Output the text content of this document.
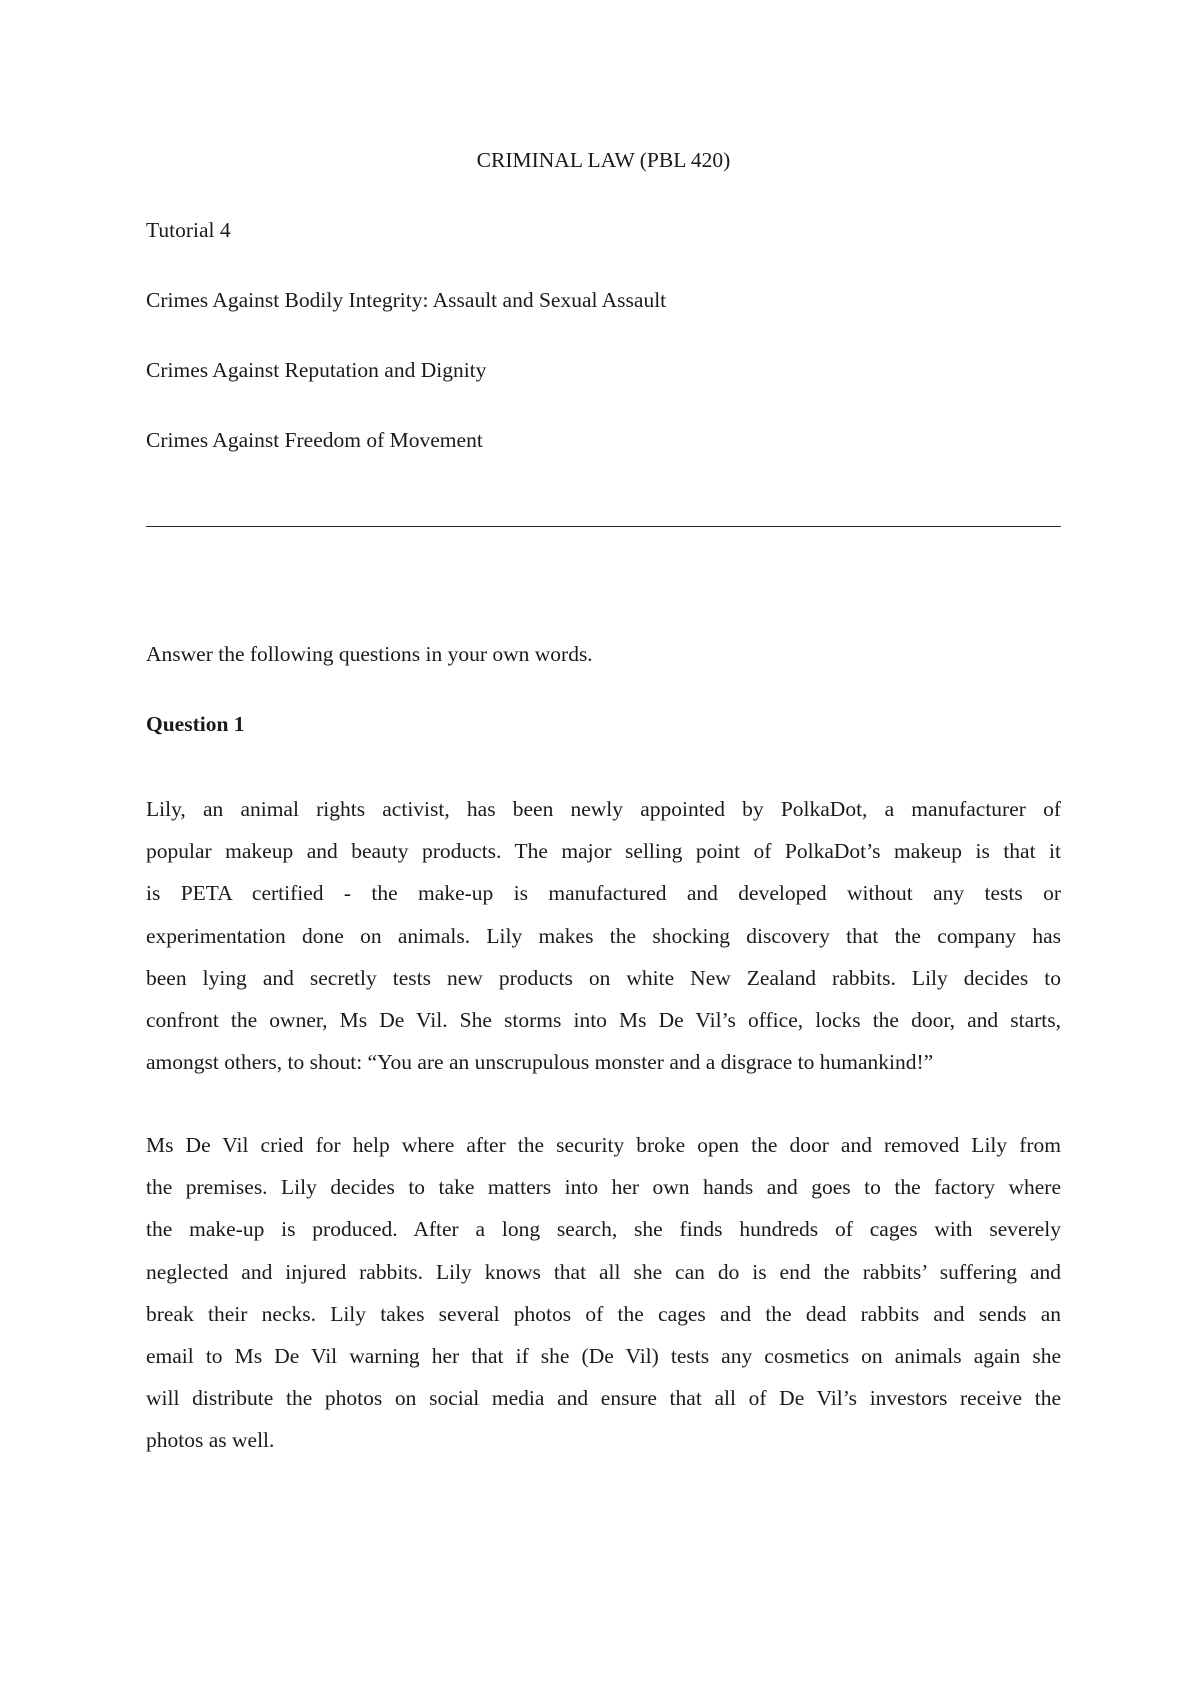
CRIMINAL LAW (PBL 420)
Tutorial 4
Crimes Against Bodily Integrity: Assault and Sexual Assault
Crimes Against Reputation and Dignity
Crimes Against Freedom of Movement
Answer the following questions in your own words.
Question 1
Lily, an animal rights activist, has been newly appointed by PolkaDot, a manufacturer of
popular makeup and beauty products. The major selling point of PolkaDot’s makeup is that it
is PETA certified - the make-up is manufactured and developed without any tests or
experimentation done on animals. Lily makes the shocking discovery that the company has
been lying and secretly tests new products on white New Zealand rabbits. Lily decides to
confront the owner, Ms De Vil. She storms into Ms De Vil’s office, locks the door, and starts,
amongst others, to shout: “You are an unscrupulous monster and a disgrace to humankind!”
Ms De Vil cried for help where after the security broke open the door and removed Lily from
the premises. Lily decides to take matters into her own hands and goes to the factory where
the make-up is produced. After a long search, she finds hundreds of cages with severely
neglected and injured rabbits. Lily knows that all she can do is end the rabbits’ suffering and
break their necks. Lily takes several photos of the cages and the dead rabbits and sends an
email to Ms De Vil warning her that if she (De Vil) tests any cosmetics on animals again she
will distribute the photos on social media and ensure that all of De Vil’s investors receive the
photos as well.
